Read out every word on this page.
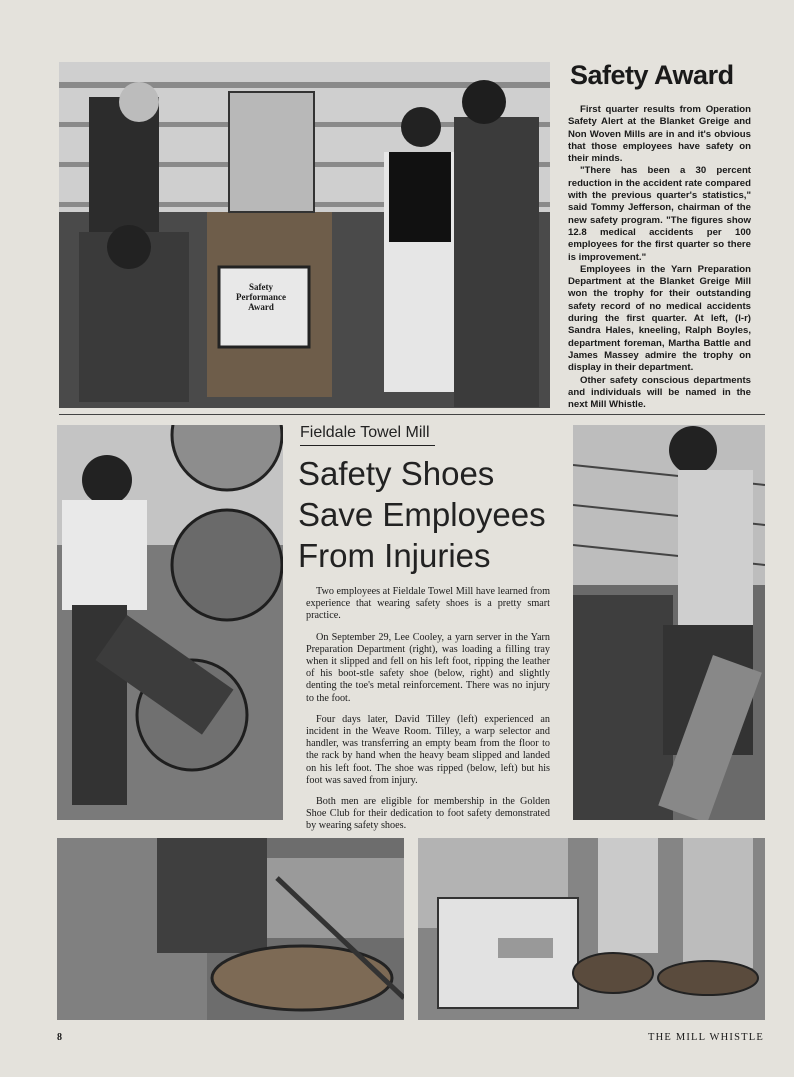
Safety Performance Award
Safety Award

First quarter results from Operation Safety Alert at the Blanket Greige and Non Woven Mills are in and it's obvious that those employees have safety on their minds.

"There has been a 30 percent reduction in the accident rate compared with the previous quarter's statistics," said Tommy Jefferson, chairman of the new safety program. "The figures show 12.8 medical accidents per 100 employees for the first quarter so there is improvement."

Employees in the Yarn Preparation Department at the Blanket Greige Mill won the trophy for their outstanding safety record of no medical accidents during the first quarter. At left, (l-r) Sandra Hales, kneeling, Ralph Boyles, department foreman, Martha Battle and James Massey admire the trophy on display in their department.

Other safety conscious departments and individuals will be named in the next Mill Whistle.

Fieldale Towel Mill
Safety Shoes Save Employees From Injuries

Two employees at Fieldale Towel Mill have learned from experience that wearing safety shoes is a pretty smart practice.

On September 29, Lee Cooley, a yarn server in the Yarn Preparation Department (right), was loading a filling tray when it slipped and fell on his left foot, ripping the leather of his boot-stle safety shoe (below, right) and slightly denting the toe's metal reinforcement. There was no injury to the foot.

Four days later, David Tilley (left) experienced an incident in the Weave Room. Tilley, a warp selector and handler, was transferring an empty beam from the floor to the rack by hand when the heavy beam slipped and landed on his left foot. The shoe was ripped (below, left) but his foot was saved from injury.

Both men are eligible for membership in the Golden Shoe Club for their dedication to foot safety demonstrated by wearing safety shoes.

8	THE MILL WHISTLE
